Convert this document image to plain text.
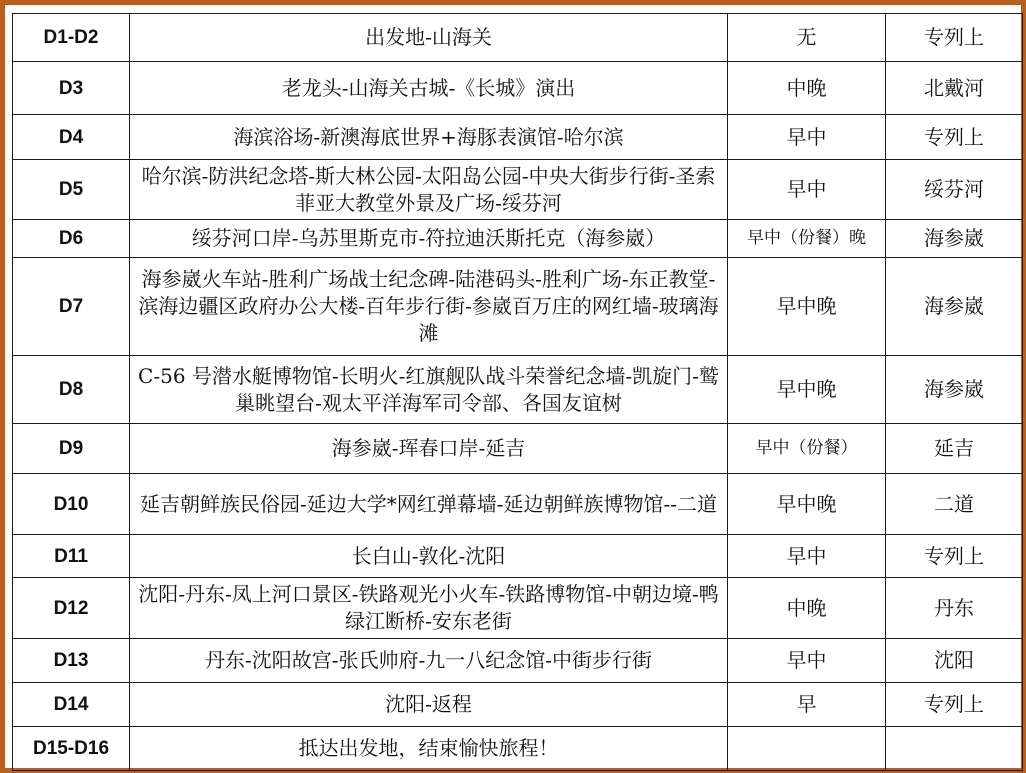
D1-D2	出发地-山海关	无	专列上
D3	老龙头-山海关古城-《长城》演出	中晚	北戴河
D4	海滨浴场-新澳海底世界+海豚表演馆-哈尔滨	早中	专列上
D5	哈尔滨-防洪纪念塔-斯大林公园-太阳岛公园-中央大街步行街-圣索菲亚大教堂外景及广场-绥芬河	早中	绥芬河
D6	绥芬河口岸-乌苏里斯克市-符拉迪沃斯托克（海参崴）	早中（份餐）晚	海参崴
D7	海参崴火车站-胜利广场战士纪念碑-陆港码头-胜利广场-东正教堂-滨海边疆区政府办公大楼-百年步行街-参崴百万庄的网红墙-玻璃海滩	早中晚	海参崴
D8	C-56 号潜水艇博物馆-长明火-红旗舰队战斗荣誉纪念墙-凯旋门-鹫巢眺望台-观太平洋海军司令部、各国友谊树	早中晚	海参崴
D9	海参崴-珲春口岸-延吉	早中（份餐）	延吉
D10	延吉朝鲜族民俗园-延边大学*网红弹幕墙-延边朝鲜族博物馆--二道	早中晚	二道
D11	长白山-敦化-沈阳	早中	专列上
D12	沈阳-丹东-凤上河口景区-铁路观光小火车-铁路博物馆-中朝边境-鸭绿江断桥-安东老街	中晚	丹东
D13	丹东-沈阳故宫-张氏帅府-九一八纪念馆-中街步行街	早中	沈阳
D14	沈阳-返程	早	专列上
D15-D16	抵达出发地，结束愉快旅程！		
